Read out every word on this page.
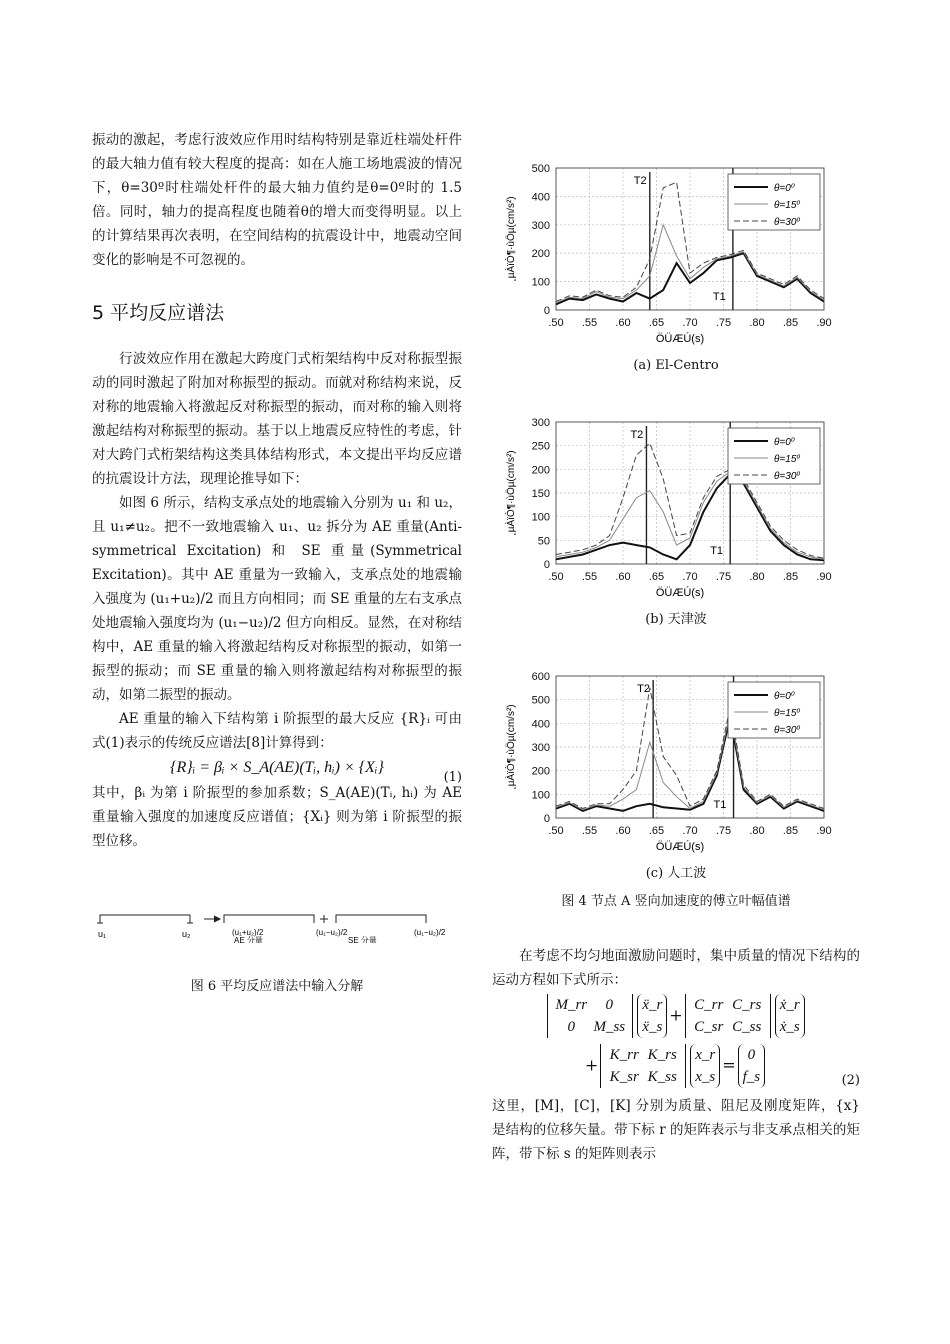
振动的激起，考虑行波效应作用时结构特别是靠近柱端处杆件的最大轴力值有较大程度的提高：如在人施工场地震波的情况下，θ=30º时柱端处杆件的最大轴力值约是θ=0º时的 1.5 倍。同时，轴力的提高程度也随着θ的增大而变得明显。以上的计算结果再次表明，在空间结构的抗震设计中，地震动空间变化的影响是不可忽视的。

5 平均反应谱法

行波效应作用在激起大跨度门式桁架结构中反对称振型振动的同时激起了附加对称振型的振动。而就对称结构来说，反对称的地震输入将激起反对称振型的振动，而对称的输入则将激起结构对称振型的振动。基于以上地震反应特性的考虑，针对大跨门式桁架结构这类具体结构形式，本文提出平均反应谱的抗震设计方法，现理论推导如下：

如图 6 所示，结构支承点处的地震输入分别为 u₁ 和 u₂，且 u₁≠u₂。把不一致地震输入 u₁、u₂ 拆分为 AE 重量(Anti-symmetrical Excitation) 和 SE 重量(Symmetrical Excitation)。其中 AE 重量为一致输入，支承点处的地震输入强度为 (u₁+u₂)/2 而且方向相同；而 SE 重量的左右支承点处地震输入强度均为 (u₁−u₂)/2 但方向相反。显然，在对称结构中，AE 重量的输入将激起结构反对称振型的振动，如第一振型的振动；而 SE 重量的输入则将激起结构对称振型的振动，如第二振型的振动。

AE 重量的输入下结构第 i 阶振型的最大反应 {R}ᵢ 可由式(1)表示的传统反应谱法[8]计算得到：

{R}ᵢ = βᵢ × S_A(AE)(Tᵢ, hᵢ) × {Xᵢ}
(1)

其中，βᵢ 为第 i 阶振型的参加系数；S_A(AE)(Tᵢ, hᵢ) 为 AE 重量输入强度的加速度反应谱值；{Xᵢ} 则为第 i 阶振型的振型位移。

u₁	u₂	(u₁+u₂)/2
AE 分量
(u₁−u₂)/2	(u₁−u₂)/2
SE 分量

图 6 平均反应谱法中输入分解

0
100
200
300
400
500
.50 .55 .60 .65 .70 .75 .80 .85 .90
ÖÜÆÚ(s)
¸µÀïÒ¶·ùÖµ(cm/s²)
T2
T1
θ=0⁰
θ=15⁰
θ=30⁰

(a) El-Centro

0
50
100
150
200
250
300
.50 .55 .60 .65 .70 .75 .80 .85 .90
ÖÜÆÚ(s)
¸µÀïÒ¶·ùÖµ(cm/s²)
T2
T1
θ=0⁰
θ=15⁰
θ=30⁰

(b) 天津波

0
100
200
300
400
500
600
.50 .55 .60 .65 .70 .75 .80 .85 .90
ÖÜÆÚ(s)
¸µÀïÒ¶·ùÖµ(cm/s²)
T2
T1
θ=0⁰
θ=15⁰
θ=30⁰

(c) 人工波

图 4 节点 A 竖向加速度的傅立叶幅值谱

在考虑不均匀地面激励问题时，集中质量的情况下结构的运动方程如下式所示：

M_rr 0
0 M_ss
ẍ_r
ẍ_s
+
C_rr C_rs
C_sr C_ss
ẋ_r
ẋ_s
+
K_rr K_rs
K_sr K_ss
x_r
x_s
=
0
f_s	(2)

这里，[M]，[C]，[K] 分别为质量、阻尼及刚度矩阵，{x} 是结构的位移矢量。带下标 r 的矩阵表示与非支承点相关的矩阵，带下标 s 的矩阵则表示
